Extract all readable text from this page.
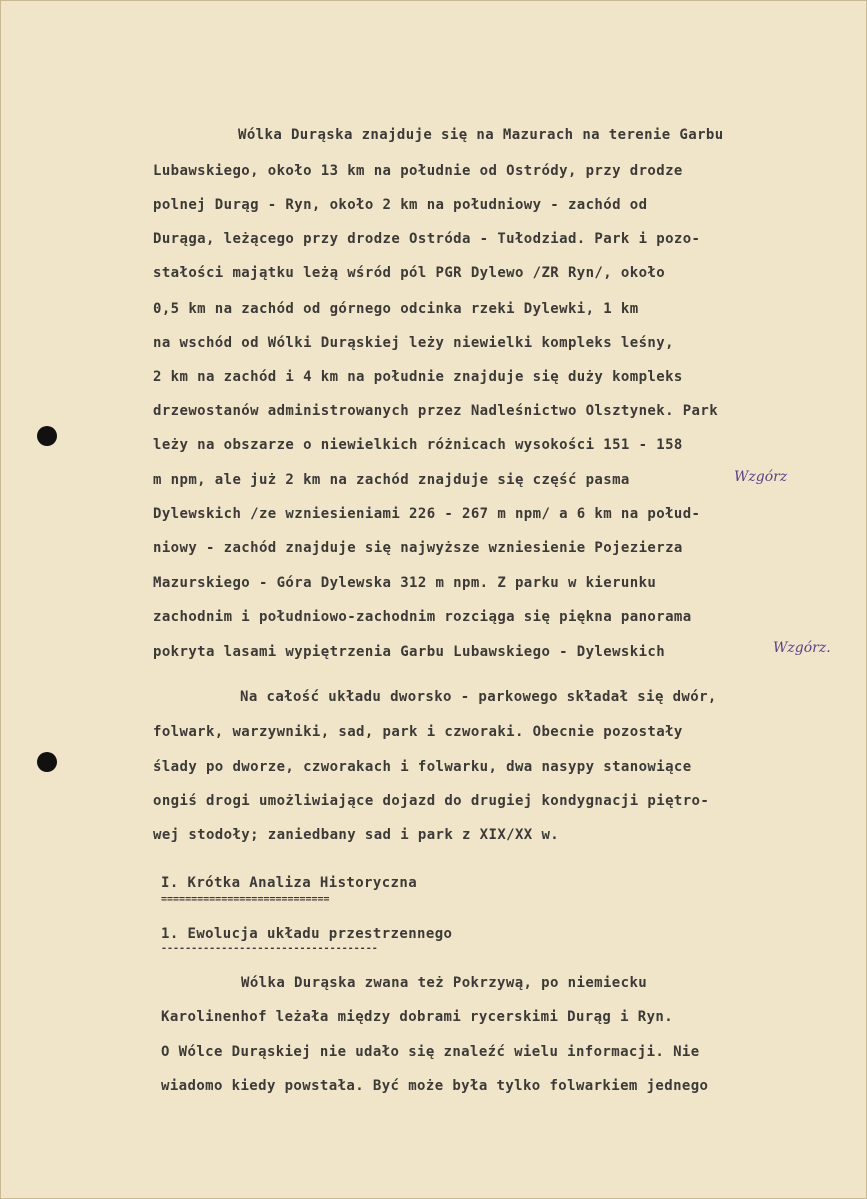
Wólka Durąska znajduje się na Mazurach na terenie Garbu
Lubawskiego, około 13 km na południe od Ostródy, przy drodze
polnej Durąg - Ryn, około 2 km na południowy - zachód od
Durąga, leżącego przy drodze Ostróda - Tułodziad. Park i pozo-
stałości majątku leżą wśród pól PGR Dylewo /ZR Ryn/, około
0,5 km na zachód od górnego odcinka rzeki Dylewki, 1 km
na wschód od Wólki Durąskiej leży niewielki kompleks leśny,
2 km na zachód i 4 km na południe znajduje się duży kompleks
drzewostanów administrowanych przez Nadleśnictwo Olsztynek. Park
leży na obszarze o niewielkich różnicach wysokości 151 - 158
m npm, ale już 2 km na zachód znajduje się część pasma	Wzgórz
Dylewskich /ze wzniesieniami 226 - 267 m npm/ a 6 km na połud-
niowy - zachód znajduje się najwyższe wzniesienie Pojezierza
Mazurskiego - Góra Dylewska 312 m npm. Z parku w kierunku
zachodnim i południowo-zachodnim rozciąga się piękna panorama
pokryta lasami wypiętrzenia Garbu Lubawskiego - Dylewskich	Wzgórz.
Na całość układu dworsko - parkowego składał się dwór,
folwark, warzywniki, sad, park i czworaki. Obecnie pozostały
ślady po dworze, czworakach i folwarku, dwa nasypy stanowiące
ongiś drogi umożliwiające dojazd do drugiej kondygnacji piętro-
wej stodoły; zaniedbany sad i park z XIX/XX w.
I. Krótka Analiza Historyczna
============================
1. Ewolucja układu przestrzennego
------------------------------------
Wólka Durąska zwana też Pokrzywą, po niemiecku
Karolinenhof leżała między dobrami rycerskimi Durąg i Ryn.
O Wólce Durąskiej nie udało się znaleźć wielu informacji. Nie
wiadomo kiedy powstała. Być może była tylko folwarkiem jednego
